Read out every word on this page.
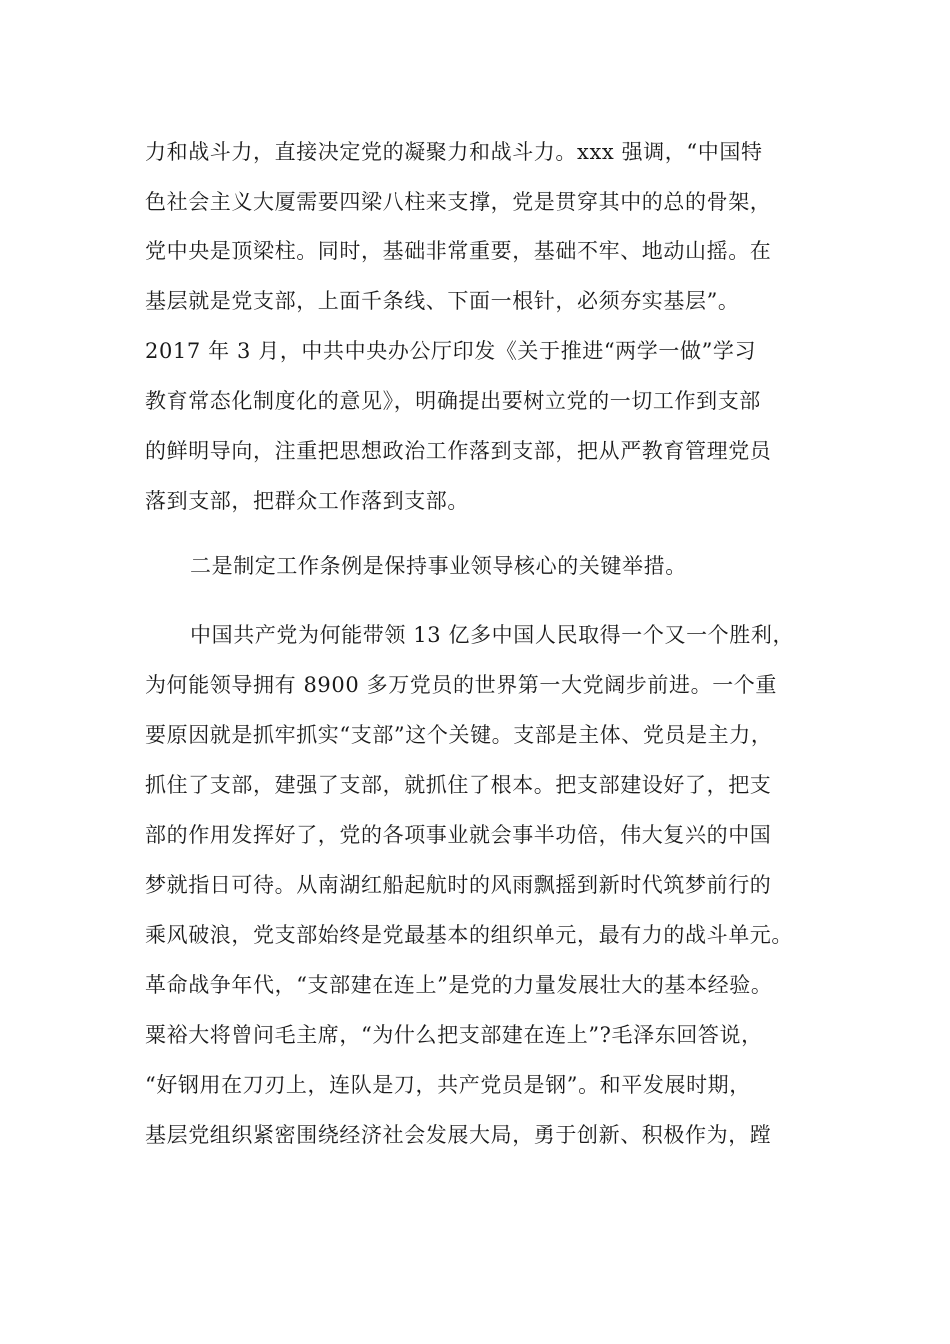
力和战斗力，直接决定党的凝聚力和战斗力。xxx 强调，“中国特

色社会主义大厦需要四梁八柱来支撑，党是贯穿其中的总的骨架，

党中央是顶梁柱。同时，基础非常重要，基础不牢、地动山摇。在

基层就是党支部，上面千条线、下面一根针，必须夯实基层”。

2017 年 3 月，中共中央办公厅印发《关于推进“两学一做”学习

教育常态化制度化的意见》，明确提出要树立党的一切工作到支部

的鲜明导向，注重把思想政治工作落到支部，把从严教育管理党员

落到支部，把群众工作落到支部。

二是制定工作条例是保持事业领导核心的关键举措。

中国共产党为何能带领 13 亿多中国人民取得一个又一个胜利，

为何能领导拥有 8900 多万党员的世界第一大党阔步前进。一个重

要原因就是抓牢抓实“支部”这个关键。支部是主体、党员是主力，

抓住了支部，建强了支部，就抓住了根本。把支部建设好了，把支

部的作用发挥好了，党的各项事业就会事半功倍，伟大复兴的中国

梦就指日可待。从南湖红船起航时的风雨飘摇到新时代筑梦前行的

乘风破浪，党支部始终是党最基本的组织单元，最有力的战斗单元。

革命战争年代，“支部建在连上”是党的力量发展壮大的基本经验。

粟裕大将曾问毛主席，“为什么把支部建在连上”?毛泽东回答说，

“好钢用在刀刃上，连队是刀，共产党员是钢”。和平发展时期，

基层党组织紧密围绕经济社会发展大局，勇于创新、积极作为，蹚
